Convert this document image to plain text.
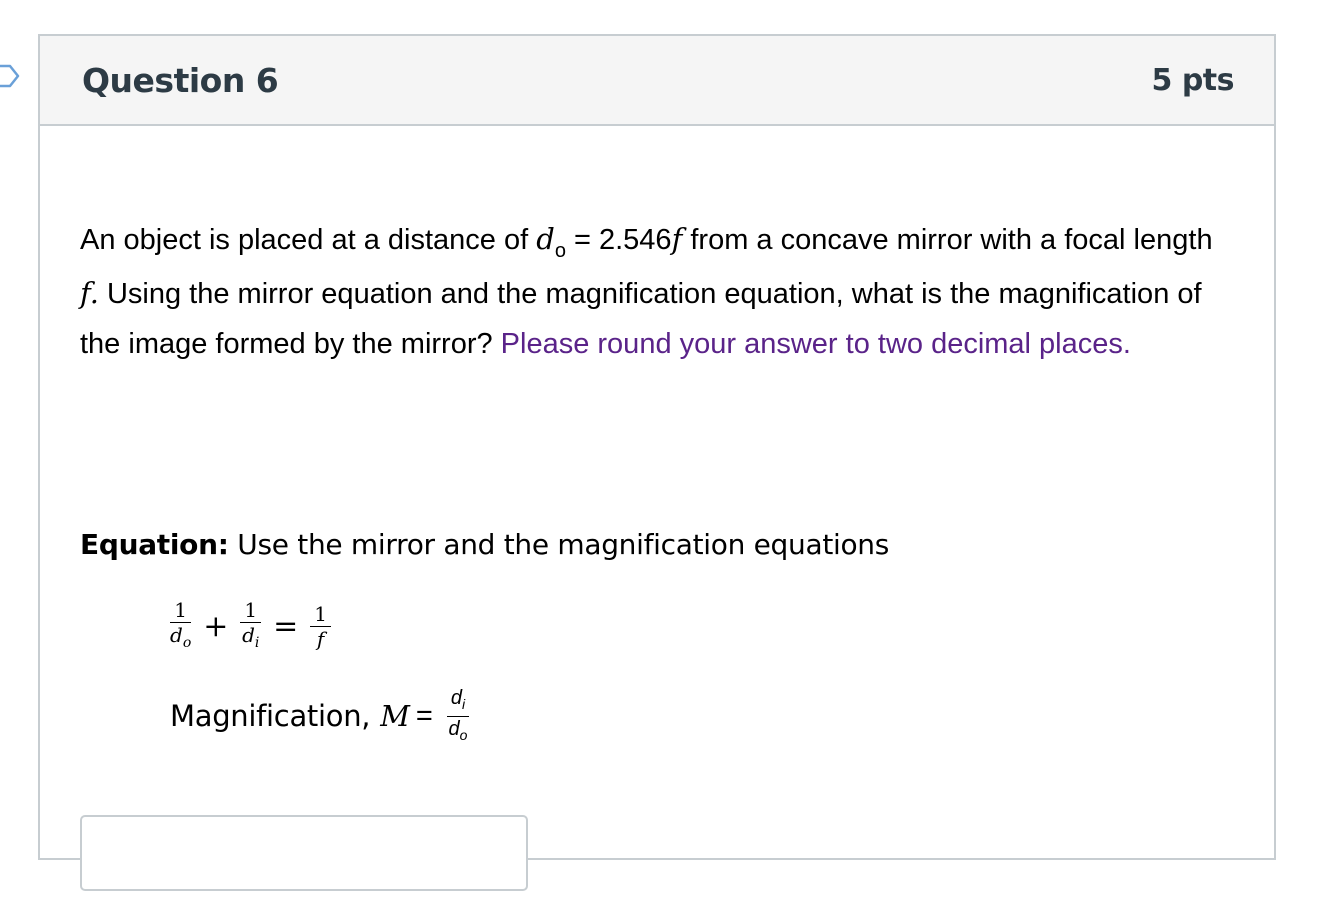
Question 6	5 pts
An object is placed at a distance of $d_o = 2.546f$ from a concave mirror with a focal length f. Using the mirror equation and the magnification equation, what is the magnification of the image formed by the mirror? Please round your answer to two decimal places.
Equation: Use the mirror and the magnification equations
$\frac{1}{d_o} + \frac{1}{d_i} = \frac{1}{f}$
Magnification, $M = \frac{d_i}{d_o}$
